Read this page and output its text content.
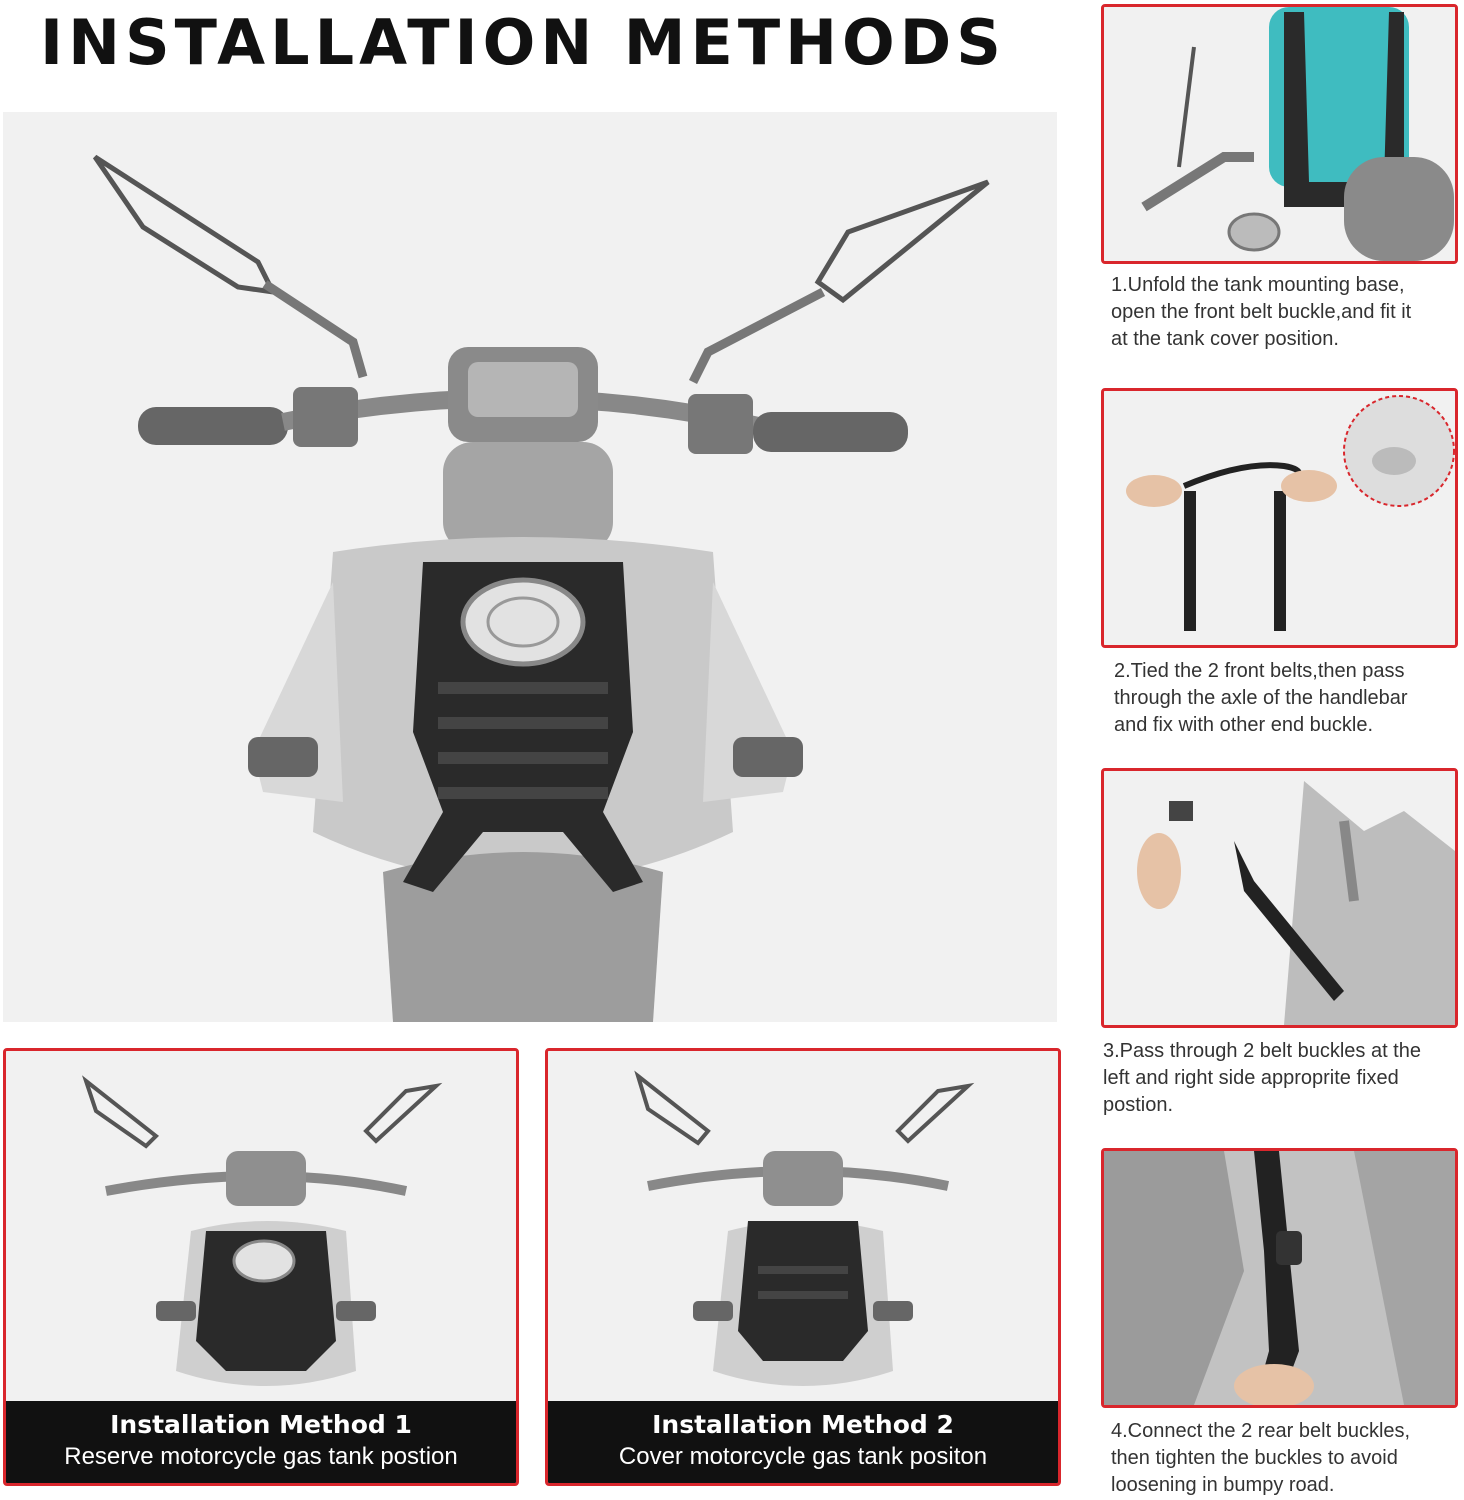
INSTALLATION METHODS
1.Unfold the tank mounting base,
open the front belt buckle,and fit it
at the tank cover position.
2.Tied the 2 front belts,then pass
through the axle of the handlebar
and fix with other end buckle.
3.Pass through 2 belt buckles at the
left and right side approprite fixed
postion.
4.Connect the 2 rear belt buckles,
then tighten the buckles to avoid
loosening in bumpy road.
Installation Method 1
Reserve motorcycle gas tank postion
Installation Method 2
Cover motorcycle gas tank positon
